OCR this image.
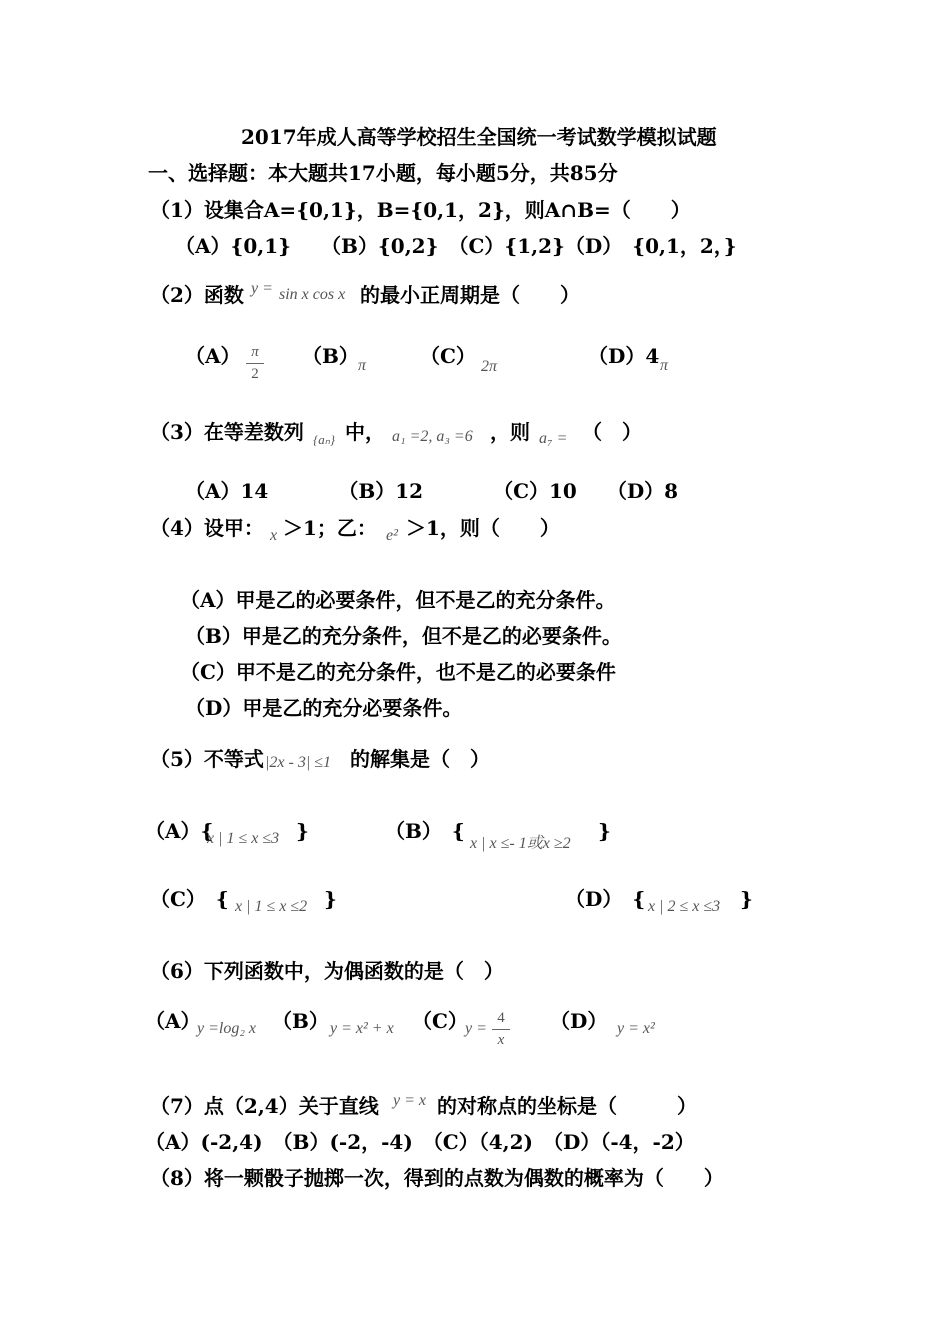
2017年成人高等学校招生全国统一考试数学模拟试题
一、选择题：本大题共17小题，每小题5分，共85分
（1）设集合A={0,1}，B={0,1，2}，则A∩B=（　　）
（A）{0,1}　　（B）{0,2}　（C）{1,2}（D）　{0,1，2，}
（2）函数 y = sin x cos x 的最小正周期是（　　）
（A） π
2
（B） π	（C） 2π	（D）4 π
（3）在等差数列 {aₙ} 中， a₁ =2, a₃ =6 ，则 a₇ = （　）
（A）14　　　　（B）12　　　　（C）10　　（D）8
（4）设甲： x ＞1；乙： e² ＞1，则（　　）
（A）甲是乙的必要条件，但不是乙的充分条件。
（B）甲是乙的充分条件，但不是乙的必要条件。
（C）甲不是乙的充分条件，也不是乙的必要条件
（D）甲是乙的充分必要条件。
（5）不等式 |2x - 3| ≤1 的解集是（　）
（A）{
x | 1 ≤ x ≤3 }	（B）　{
x | x ≤- 1或x ≥2
}
（C）　{ x | 1 ≤ x ≤2 }	（D）　{ x | 2 ≤ x ≤3 }
（6）下列函数中，为偶函数的是（　）
（A）
y =log₂ x （B） y = x² + x （C）
y =
4
x
（D） y = x²
（7）点（2,4）关于直线 y = x 的对称点的坐标是（　　　）
（A）(-2,4)　（B）(-2，-4)　（C）（4,2)　（D）（-4，-2）
（8）将一颗骰子抛掷一次，得到的点数为偶数的概率为（　　）
